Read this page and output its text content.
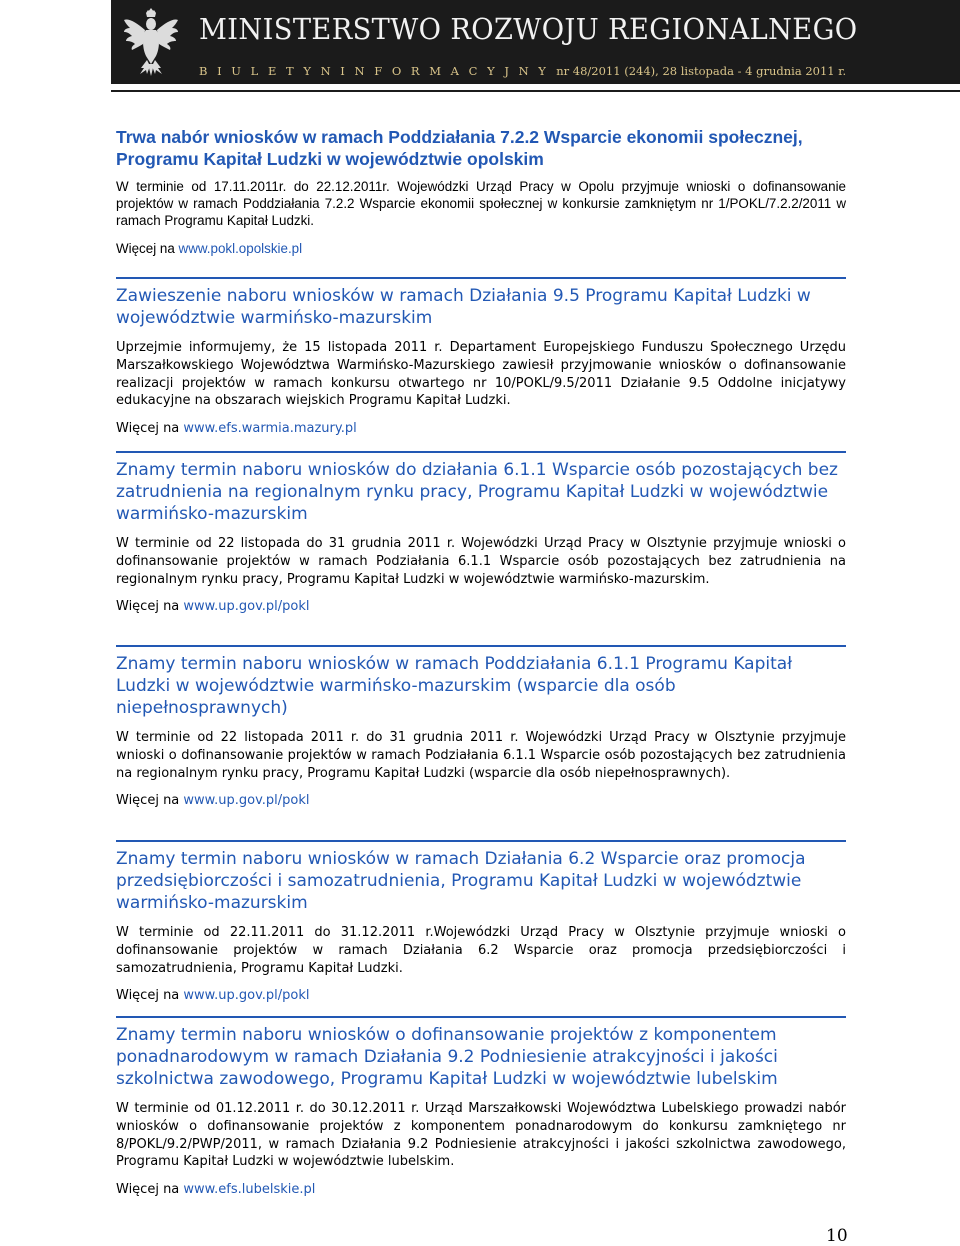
MINISTERSTWO ROZWOJU REGIONALNEGO
B I U L E T Y N I N F O R M A C Y J N Y nr 48/2011 (244), 28 listopada - 4 grudnia 2011 r.
Trwa nabór wniosków w ramach Poddziałania 7.2.2 Wsparcie ekonomii społecznej, Programu Kapitał Ludzki w województwie opolskim

W terminie od 17.11.2011r. do 22.12.2011r. Wojewódzki Urząd Pracy w Opolu przyjmuje wnioski o dofinansowanie projektów w ramach Poddziałania 7.2.2 Wsparcie ekonomii społecznej w konkursie zamkniętym nr 1/POKL/7.2.2/2011 w ramach Programu Kapitał Ludzki.

Więcej na www.pokl.opolskie.pl

Zawieszenie naboru wniosków w ramach Działania 9.5 Programu Kapitał Ludzki w województwie warmińsko-mazurskim

Uprzejmie informujemy, że 15 listopada 2011 r. Departament Europejskiego Funduszu Społecznego Urzędu Marszałkowskiego Województwa Warmińsko-Mazurskiego zawiesił przyjmowanie wniosków o dofinansowanie realizacji projektów w ramach konkursu otwartego nr 10/POKL/9.5/2011 Działanie 9.5 Oddolne inicjatywy edukacyjne na obszarach wiejskich Programu Kapitał Ludzki.

Więcej na www.efs.warmia.mazury.pl

Znamy termin naboru wniosków do działania 6.1.1 Wsparcie osób pozostających bez zatrudnienia na regionalnym rynku pracy, Programu Kapitał Ludzki w województwie warmińsko-mazurskim

W terminie od 22 listopada do 31 grudnia 2011 r. Wojewódzki Urząd Pracy w Olsztynie przyjmuje wnioski o dofinansowanie projektów w ramach Podziałania 6.1.1 Wsparcie osób pozostających bez zatrudnienia na regionalnym rynku pracy, Programu Kapitał Ludzki w województwie warmińsko-mazurskim.

Więcej na www.up.gov.pl/pokl

Znamy termin naboru wniosków w ramach Poddziałania 6.1.1 Programu Kapitał Ludzki w województwie warmińsko-mazurskim (wsparcie dla osób niepełnosprawnych)

W terminie od 22 listopada 2011 r. do 31 grudnia 2011 r. Wojewódzki Urząd Pracy w Olsztynie przyjmuje wnioski o dofinansowanie projektów w ramach Podziałania 6.1.1 Wsparcie osób pozostających bez zatrudnienia na regionalnym rynku pracy, Programu Kapitał Ludzki (wsparcie dla osób niepełnosprawnych).

Więcej na www.up.gov.pl/pokl

Znamy termin naboru wniosków w ramach Działania 6.2 Wsparcie oraz promocja przedsiębiorczości i samozatrudnienia, Programu Kapitał Ludzki w województwie warmińsko-mazurskim

W terminie od 22.11.2011 do 31.12.2011 r.Wojewódzki Urząd Pracy w Olsztynie przyjmuje wnioski o dofinansowanie projektów w ramach Działania 6.2 Wsparcie oraz promocja przedsiębiorczości i samozatrudnienia, Programu Kapitał Ludzki.

Więcej na www.up.gov.pl/pokl

Znamy termin naboru wniosków o dofinansowanie projektów z komponentem ponadnarodowym w ramach Działania 9.2 Podniesienie atrakcyjności i jakości szkolnictwa zawodowego, Programu Kapitał Ludzki w województwie lubelskim

W terminie od 01.12.2011 r. do 30.12.2011 r. Urząd Marszałkowski Województwa Lubelskiego prowadzi nabór wniosków o dofinansowanie projektów z komponentem ponadnarodowym do konkursu zamkniętego nr 8/POKL/9.2/PWP/2011, w ramach Działania 9.2 Podniesienie atrakcyjności i jakości szkolnictwa zawodowego, Programu Kapitał Ludzki w województwie lubelskim.

Więcej na www.efs.lubelskie.pl

10
